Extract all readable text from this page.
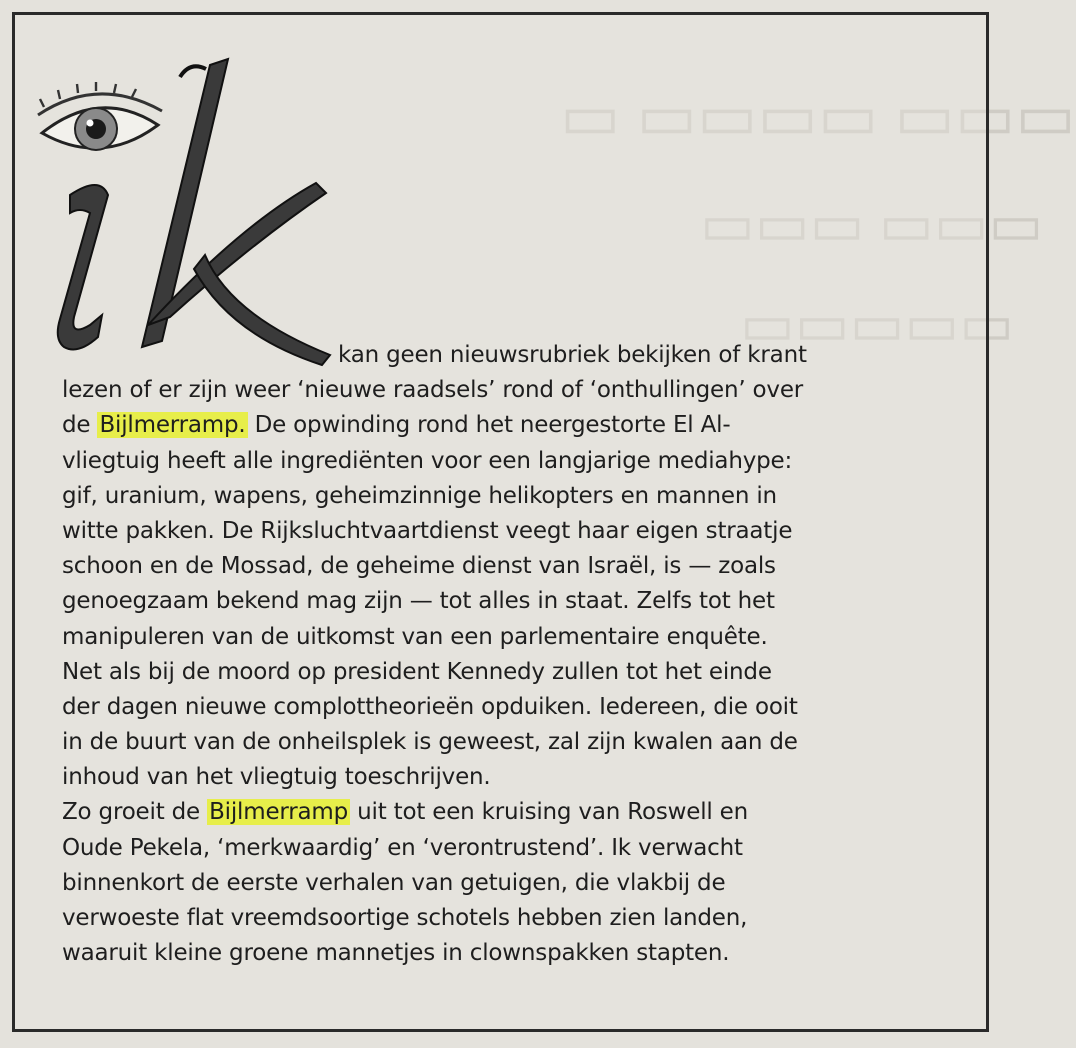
▭ ▭▭▭▭ ▭▭▭
▭▭▭ ▭▭▭
▭▭▭▭▭
kan geen nieuwsrubriek bekijken of krant
lezen of er zijn weer ‘nieuwe raadsels’ rond of ‘onthullingen’ over
de Bijlmerramp. De opwinding rond het neergestorte El Al-
vliegtuig heeft alle ingrediënten voor een langjarige mediahype:
gif, uranium, wapens, geheimzinnige helikopters en mannen in
witte pakken. De Rijksluchtvaartdienst veegt haar eigen straatje
schoon en de Mossad, de geheime dienst van Israël, is — zoals
genoegzaam bekend mag zijn — tot alles in staat. Zelfs tot het
manipuleren van de uitkomst van een parlementaire enquête.
Net als bij de moord op president Kennedy zullen tot het einde
der dagen nieuwe complottheorieën opduiken. Iedereen, die ooit
in de buurt van de onheilsplek is geweest, zal zijn kwalen aan de
inhoud van het vliegtuig toeschrijven.
Zo groeit de Bijlmerramp uit tot een kruising van Roswell en
Oude Pekela, ‘merkwaardig’ en ‘verontrustend’. Ik verwacht
binnenkort de eerste verhalen van getuigen, die vlakbij de
verwoeste flat vreemdsoortige schotels hebben zien landen,
waaruit kleine groene mannetjes in clownspakken stapten.
